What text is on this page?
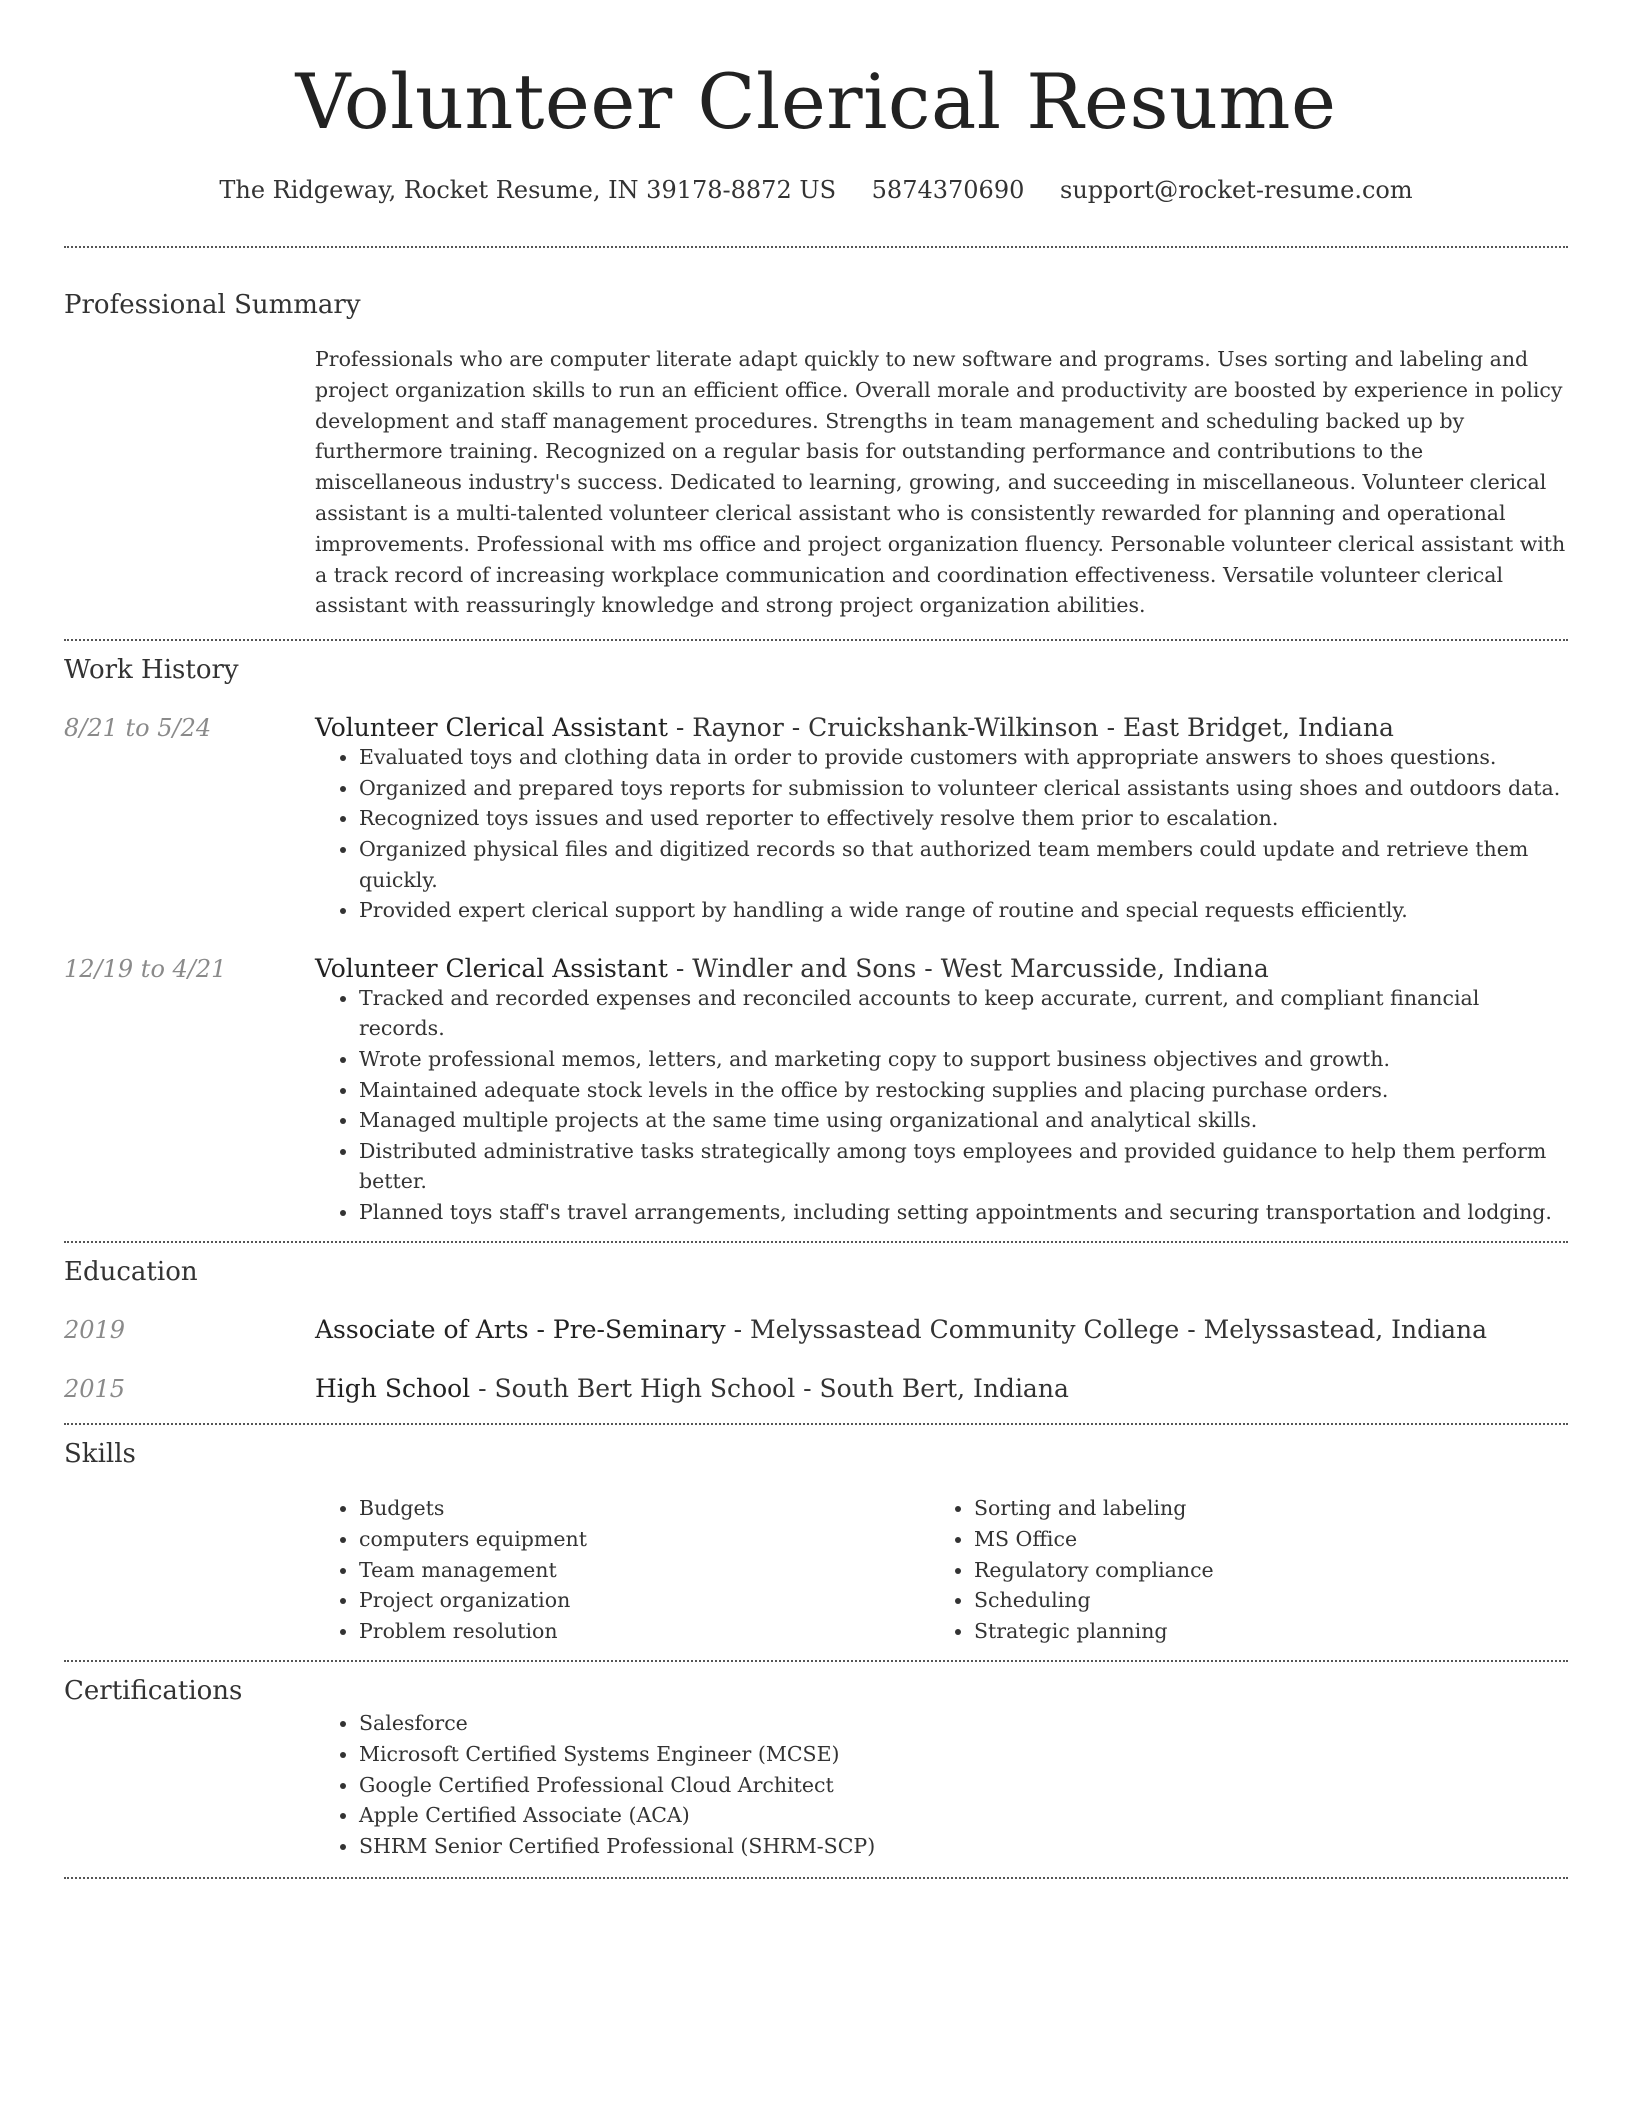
Volunteer Clerical Resume
The Ridgeway, Rocket Resume, IN 39178-8872 US 5874370690 support@rocket-resume.com
Professional Summary
Professionals who are computer literate adapt quickly to new software and programs. Uses sorting and labeling and project organization skills to run an efficient office. Overall morale and productivity are boosted by experience in policy development and staff management procedures. Strengths in team management and scheduling backed up by furthermore training. Recognized on a regular basis for outstanding performance and contributions to the miscellaneous industry's success. Dedicated to learning, growing, and succeeding in miscellaneous. Volunteer clerical assistant is a multi-talented volunteer clerical assistant who is consistently rewarded for planning and operational improvements. Professional with ms office and project organization fluency. Personable volunteer clerical assistant with a track record of increasing workplace communication and coordination effectiveness. Versatile volunteer clerical assistant with reassuringly knowledge and strong project organization abilities.
Work History
8/21 to 5/24	Volunteer Clerical Assistant - Raynor - Cruickshank-Wilkinson - East Bridget, Indiana
• Evaluated toys and clothing data in order to provide customers with appropriate answers to shoes questions.
• Organized and prepared toys reports for submission to volunteer clerical assistants using shoes and outdoors data.
• Recognized toys issues and used reporter to effectively resolve them prior to escalation.
• Organized physical files and digitized records so that authorized team members could update and retrieve them quickly.
• Provided expert clerical support by handling a wide range of routine and special requests efficiently.
12/19 to 4/21	Volunteer Clerical Assistant - Windler and Sons - West Marcusside, Indiana
• Tracked and recorded expenses and reconciled accounts to keep accurate, current, and compliant financial records.
• Wrote professional memos, letters, and marketing copy to support business objectives and growth.
• Maintained adequate stock levels in the office by restocking supplies and placing purchase orders.
• Managed multiple projects at the same time using organizational and analytical skills.
• Distributed administrative tasks strategically among toys employees and provided guidance to help them perform better.
• Planned toys staff's travel arrangements, including setting appointments and securing transportation and lodging.
Education
2019	Associate of Arts - Pre-Seminary - Melyssastead Community College - Melyssastead, Indiana
2015	High School - South Bert High School - South Bert, Indiana
Skills
• Budgets
• computers equipment
• Team management
• Project organization
• Problem resolution
• Sorting and labeling
• MS Office
• Regulatory compliance
• Scheduling
• Strategic planning
Certifications
• Salesforce
• Microsoft Certified Systems Engineer (MCSE)
• Google Certified Professional Cloud Architect
• Apple Certified Associate (ACA)
• SHRM Senior Certified Professional (SHRM-SCP)
